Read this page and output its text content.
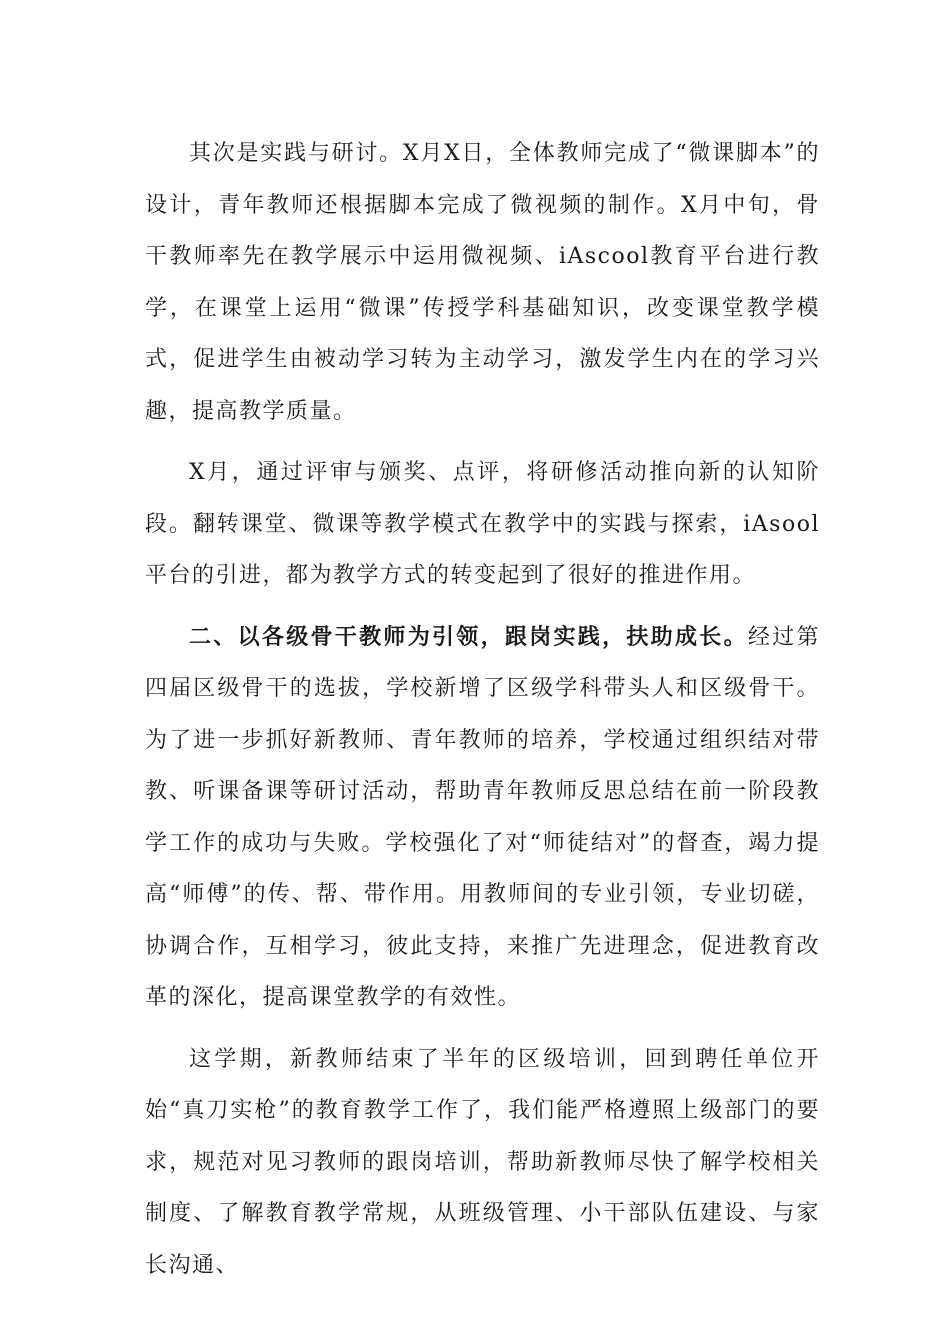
其次是实践与研讨。X月X日，全体教师完成了“微课脚本”的设计，青年教师还根据脚本完成了微视频的制作。X月中旬，骨干教师率先在教学展示中运用微视频、iAscool教育平台进行教学，在课堂上运用“微课”传授学科基础知识，改变课堂教学模式，促进学生由被动学习转为主动学习，激发学生内在的学习兴趣，提高教学质量。

X月，通过评审与颁奖、点评，将研修活动推向新的认知阶段。翻转课堂、微课等教学模式在教学中的实践与探索，iAsool平台的引进，都为教学方式的转变起到了很好的推进作用。

二、以各级骨干教师为引领，跟岗实践，扶助成长。经过第四届区级骨干的选拔，学校新增了区级学科带头人和区级骨干。为了进一步抓好新教师、青年教师的培养，学校通过组织结对带教、听课备课等研讨活动，帮助青年教师反思总结在前一阶段教学工作的成功与失败。学校强化了对“师徒结对”的督查，竭力提高“师傅”的传、帮、带作用。用教师间的专业引领，专业切磋，协调合作，互相学习，彼此支持，来推广先进理念，促进教育改革的深化，提高课堂教学的有效性。

这学期，新教师结束了半年的区级培训，回到聘任单位开始“真刀实枪”的教育教学工作了，我们能严格遵照上级部门的要求，规范对见习教师的跟岗培训，帮助新教师尽快了解学校相关制度、了解教育教学常规，从班级管理、小干部队伍建设、与家长沟通、
